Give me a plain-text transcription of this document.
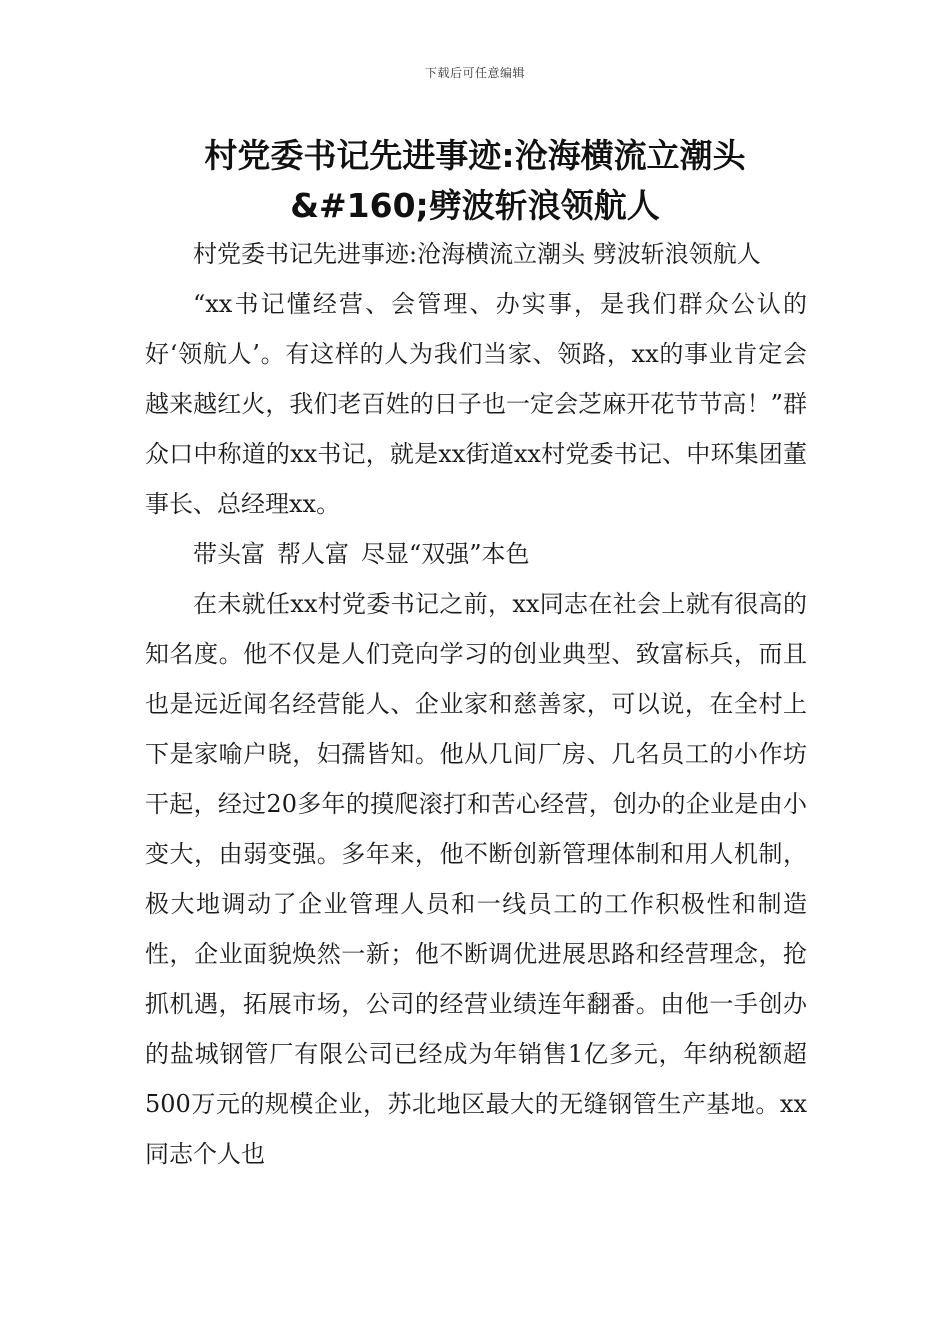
下载后可任意编辑
村党委书记先进事迹:沧海横流立潮头
&#160;劈波斩浪领航人

村党委书记先进事迹:沧海横流立潮头 劈波斩浪领航人

“xx书记懂经营、会管理、办实事，是我们群众公认的好‘领航人’。有这样的人为我们当家、领路，xx的事业肯定会越来越红火，我们老百姓的日子也一定会芝麻开花节节高！”群众口中称道的xx书记，就是xx街道xx村党委书记、中环集团董事长、总经理xx。

带头富 帮人富 尽显“双强”本色

在未就任xx村党委书记之前，xx同志在社会上就有很高的知名度。他不仅是人们竞向学习的创业典型、致富标兵，而且也是远近闻名经营能人、企业家和慈善家，可以说，在全村上下是家喻户晓，妇孺皆知。他从几间厂房、几名员工的小作坊干起，经过20多年的摸爬滚打和苦心经营，创办的企业是由小变大，由弱变强。多年来，他不断创新管理体制和用人机制，极大地调动了企业管理人员和一线员工的工作积极性和制造性，企业面貌焕然一新；他不断调优进展思路和经营理念，抢抓机遇，拓展市场，公司的经营业绩连年翻番。由他一手创办的盐城钢管厂有限公司已经成为年销售1亿多元，年纳税额超500万元的规模企业，苏北地区最大的无缝钢管生产基地。xx同志个人也
